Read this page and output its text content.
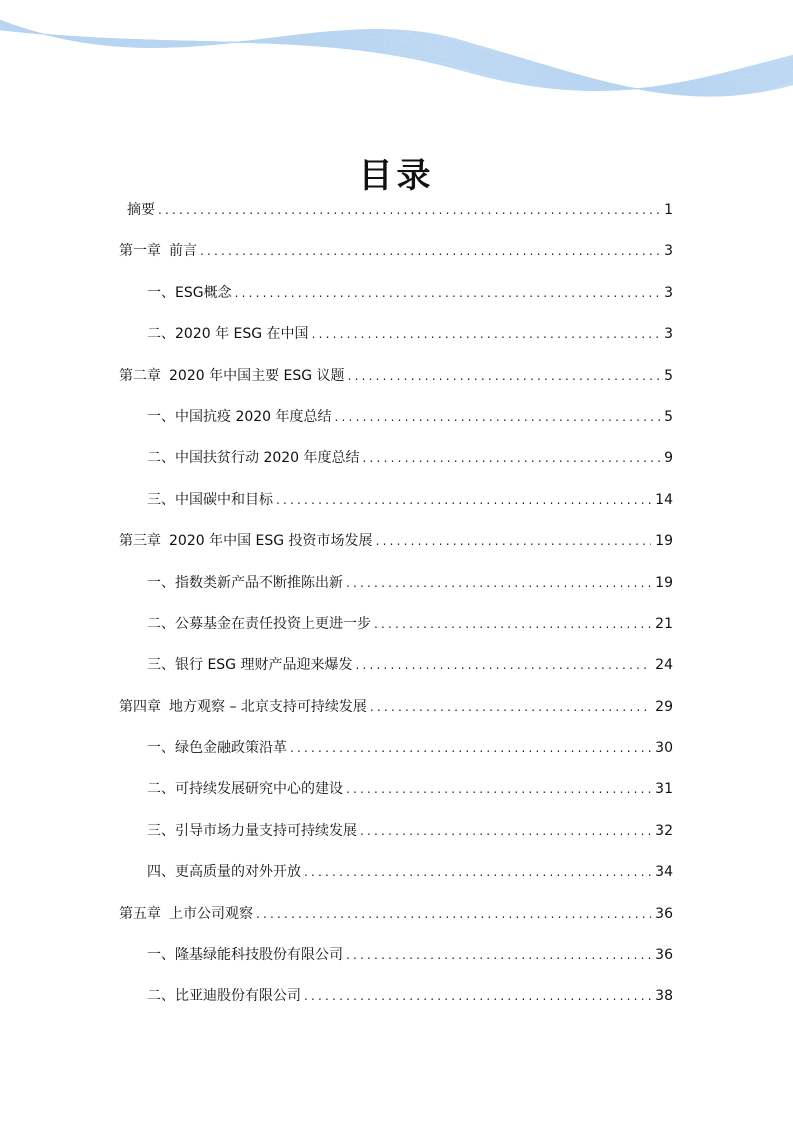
目录
摘要 .....	1
第一章 前言 .....	3
一、 ESG概念 .....	3
二、 2020 年 ESG 在中国 .....	3
第二章 2020 年中国主要 ESG 议题 .....	5
一、 中国抗疫 2020 年度总结 .....	5
二、 中国扶贫行动 2020 年度总结 .....	9
三、 中国碳中和目标 .....	14
第三章 2020 年中国 ESG 投资市场发展 .....	19
一、 指数类新产品不断推陈出新 .....	19
二、 公募基金在责任投资上更进一步 .....	21
三、 银行 ESG 理财产品迎来爆发 .....	24
第四章 地方观察 – 北京支持可持续发展 .....	29
一、 绿色金融政策沿革 .....	30
二、 可持续发展研究中心的建设 .....	31
三、 引导市场力量支持可持续发展 .....	32
四、 更高质量的对外开放 .....	34
第五章 上市公司观察 .....	36
一、 隆基绿能科技股份有限公司 .....	36
二、 比亚迪股份有限公司 .....	38
